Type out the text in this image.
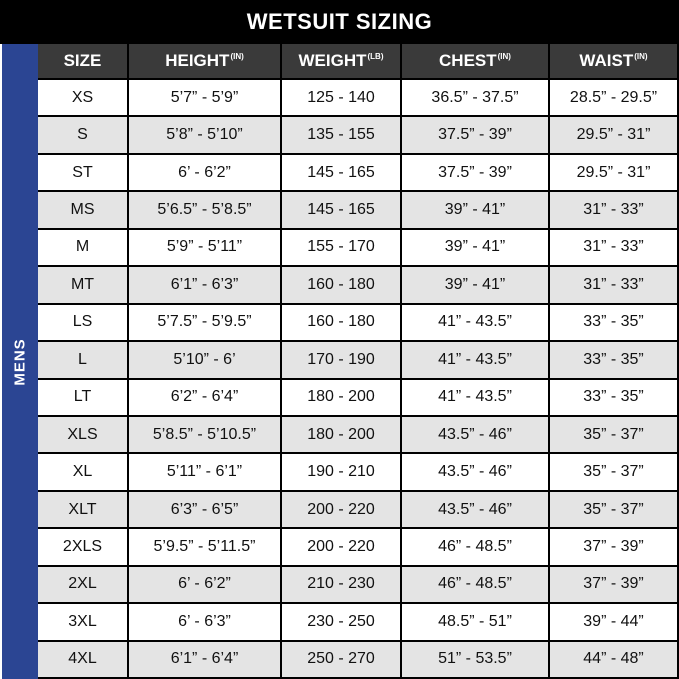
WETSUIT SIZING
MENS
SIZE	$HEIGHT^{(IN)}$	$WEIGHT^{(LB)}$	$CHEST^{(IN)}$	$WAIST^{(IN)}$
XS	5’7” - 5’9”	125 - 140	36.5” - 37.5”	28.5” - 29.5”
S	5’8” - 5’10”	135 - 155	37.5” - 39”	29.5” - 31”
ST	6’ - 6’2”	145 - 165	37.5” - 39”	29.5” - 31”
MS	5’6.5” - 5’8.5”	145 - 165	39” - 41”	31” - 33”
M	5’9” - 5’11”	155 - 170	39” - 41”	31” - 33”
MT	6’1” - 6’3”	160 - 180	39” - 41”	31” - 33”
LS	5’7.5” - 5’9.5”	160 - 180	41” - 43.5”	33” - 35”
L	5’10” - 6’	170 - 190	41” - 43.5”	33” - 35”
LT	6’2” - 6’4”	180 - 200	41” - 43.5”	33” - 35”
XLS	5’8.5” - 5’10.5”	180 - 200	43.5” - 46”	35” - 37”
XL	5’11” - 6’1”	190 - 210	43.5” - 46”	35” - 37”
XLT	6’3” - 6’5”	200 - 220	43.5” - 46”	35” - 37”
2XLS	5’9.5” - 5’11.5”	200 - 220	46” - 48.5”	37” - 39”
2XL	6’ - 6’2”	210 - 230	46” - 48.5”	37” - 39”
3XL	6’ - 6’3”	230 - 250	48.5” - 51”	39” - 44”
4XL	6’1” - 6’4”	250 - 270	51” - 53.5”	44” - 48”
